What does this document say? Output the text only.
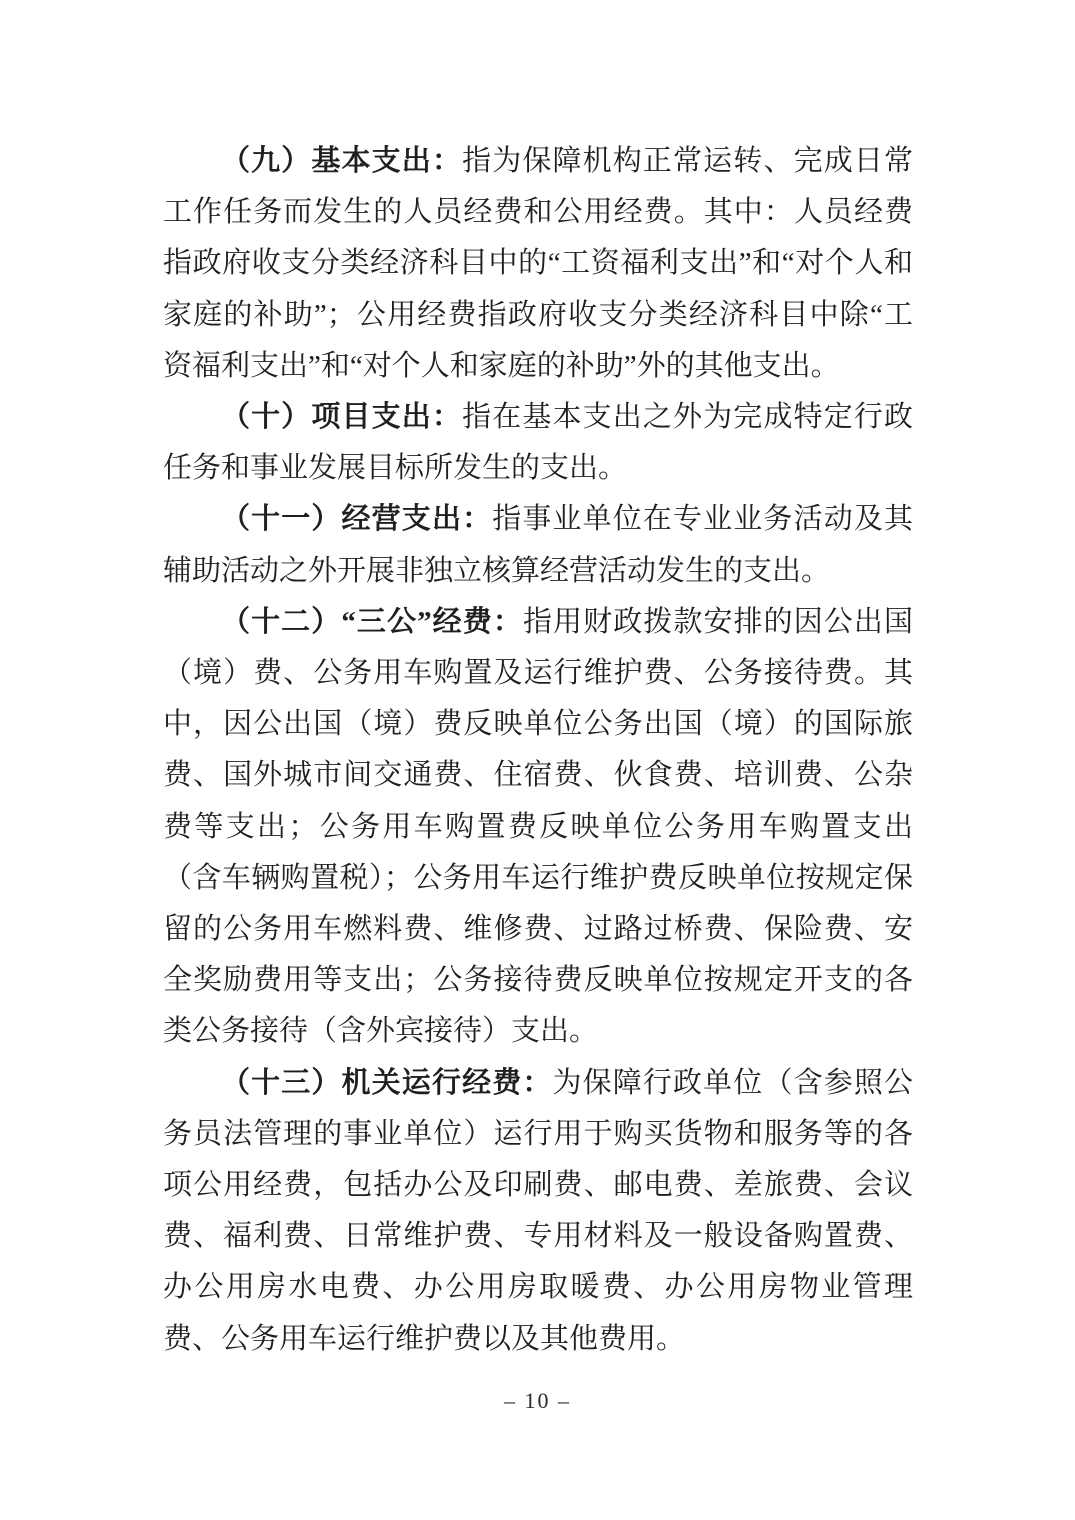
（九）基本支出：指为保障机构正常运转、完成日常工作任务而发生的人员经费和公用经费。其中：人员经费指政府收支分类经济科目中的“工资福利支出”和“对个人和家庭的补助”；公用经费指政府收支分类经济科目中除“工资福利支出”和“对个人和家庭的补助”外的其他支出。

（十）项目支出：指在基本支出之外为完成特定行政任务和事业发展目标所发生的支出。

（十一）经营支出：指事业单位在专业业务活动及其辅助活动之外开展非独立核算经营活动发生的支出。

（十二）“三公”经费：指用财政拨款安排的因公出国（境）费、公务用车购置及运行维护费、公务接待费。其中，因公出国（境）费反映单位公务出国（境）的国际旅费、国外城市间交通费、住宿费、伙食费、培训费、公杂费等支出；公务用车购置费反映单位公务用车购置支出（含车辆购置税）；公务用车运行维护费反映单位按规定保留的公务用车燃料费、维修费、过路过桥费、保险费、安全奖励费用等支出；公务接待费反映单位按规定开支的各类公务接待（含外宾接待）支出。

（十三）机关运行经费：为保障行政单位（含参照公务员法管理的事业单位）运行用于购买货物和服务等的各项公用经费，包括办公及印刷费、邮电费、差旅费、会议费、福利费、日常维护费、专用材料及一般设备购置费、办公用房水电费、办公用房取暖费、办公用房物业管理费、公务用车运行维护费以及其他费用。

– 10 –
